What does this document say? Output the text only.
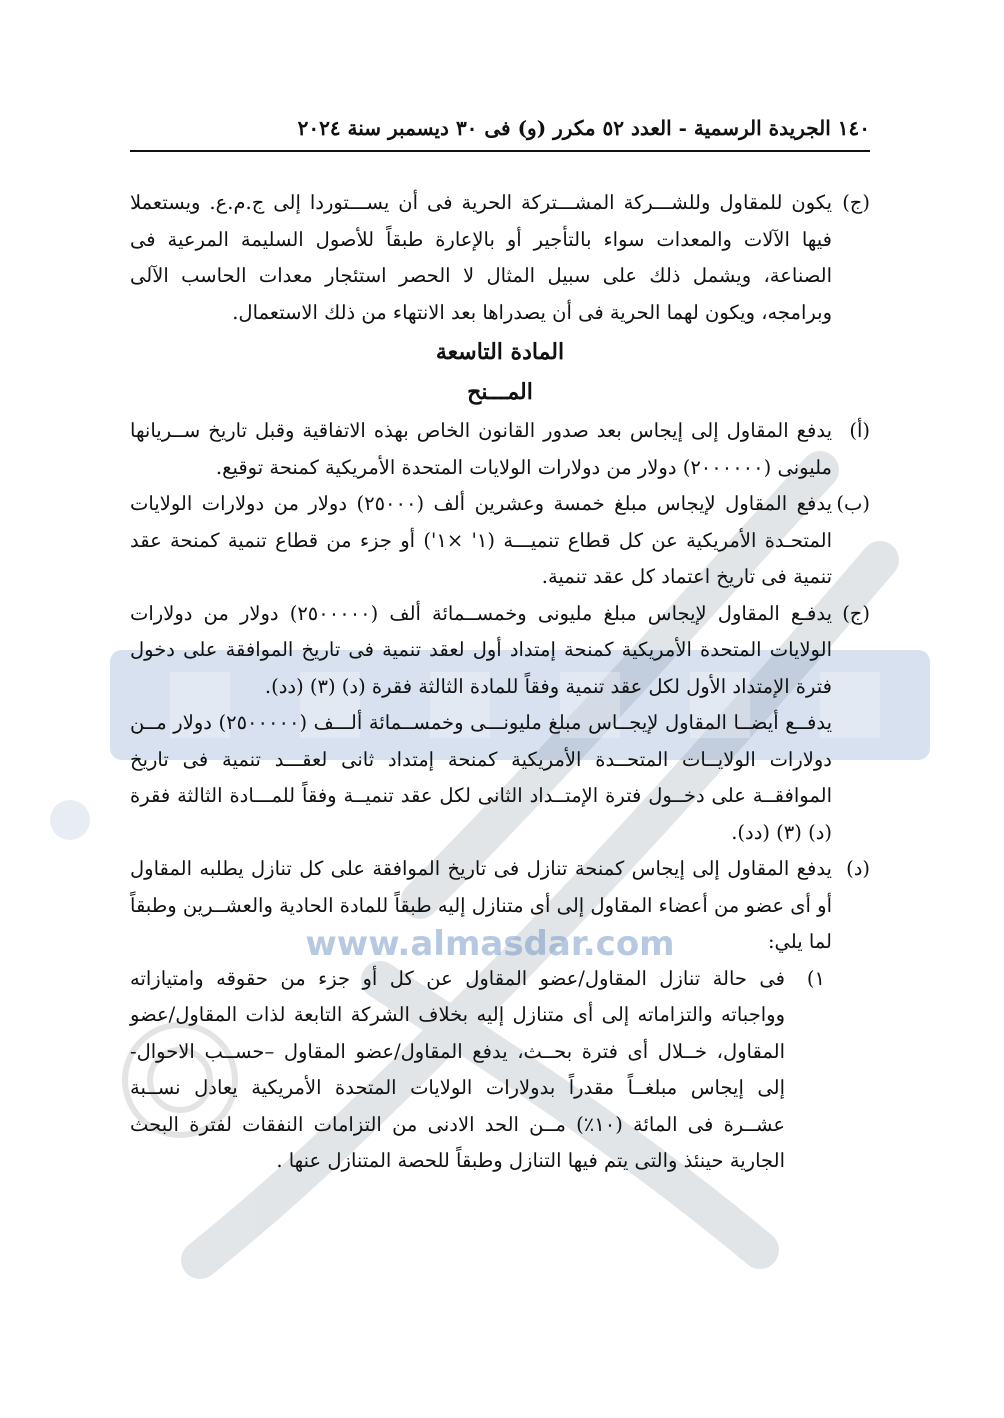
www.almasdar.com
١٤٠ الجريدة الرسمية - العدد ٥٢ مكرر (و) فى ٣٠ ديسمبر سنة ٢٠٢٤
(ج)
يكون للمقاول وللشـــركة المشـــتركة الحرية فى أن يســـتوردا إلى ج.م.ع. ويستعملا فيها الآلات والمعدات سواء بالتأجير أو بالإعارة طبقاً للأصول السليمة المرعية فى الصناعة، ويشمل ذلك على سبيل المثال لا الحصر استئجار معدات الحاسب الآلى وبرامجه، ويكون لهما الحرية فى أن يصدراها بعد الانتهاء من ذلك الاستعمال.
المادة التاسعة
المـــنح
(أ)
يدفع المقاول إلى إيجاس بعد صدور القانون الخاص بهذه الاتفاقية وقبل تاريخ ســريانها مليونى (٢٠٠٠٠٠٠) دولار من دولارات الولايات المتحدة الأمريكية كمنحة توقيع.
(ب)
يدفع المقاول لإيجاس مبلغ خمسة وعشرين ألف (٢٥٠٠٠) دولار من دولارات الولايات المتحـدة الأمريكية عن كل قطاع تنميـــة (١' ×١') أو جزء من قطاع تنمية كمنحة عقد تنمية فى تاريخ اعتماد كل عقد تنمية.
(ج)
يدفـع المقاول لإيجاس مبلغ مليونى وخمســمائة ألف (٢٥٠٠٠٠٠) دولار من دولارات الولايات المتحدة الأمريكية كمنحة إمتداد أول لعقد تنمية فى تاريخ الموافقة على دخول فترة الإمتداد الأول لكل عقد تنمية وفقاً للمادة الثالثة فقرة (د) (٣) (دد).
يدفــع أيضــا المقاول لإيجــاس مبلغ مليونـــى وخمســمائة ألـــف (٢٥٠٠٠٠٠) دولار مــن دولارات الولايــات المتحــدة الأمريكية كمنحة إمتداد ثانى لعقـــد تنمية فى تاريخ الموافقــة على دخــول فترة الإمتــداد الثانى لكل عقد تنميــة وفقاً للمـــادة الثالثة فقرة (د) (٣) (دد).
(د)
يدفع المقاول إلى إيجاس كمنحة تنازل فى تاريخ الموافقة على كل تنازل يطلبه المقاول أو أى عضو من أعضاء المقاول إلى أى متنازل إليه طبقاً للمادة الحادية والعشــرين وطبقاً لما يلي:
١)
فى حالة تنازل المقاول/عضو المقاول عن كل أو جزء من حقوقه وامتيازاته وواجباته والتزاماته إلى أى متنازل إليه بخلاف الشركة التابعة لذات المقاول/عضو المقاول، خــلال أى فترة بحــث، يدفع المقاول/عضو المقاول –حســب الاحوال- إلى إيجاس مبلغــاً مقدراً بدولارات الولايات المتحدة الأمريكية يعادل نســبة عشــرة فى المائة (١٠٪) مــن الحد الادنى من التزامات النفقات لفترة البحث الجارية حينئذ والتى يتم فيها التنازل وطبقاً للحصة المتنازل عنها .
